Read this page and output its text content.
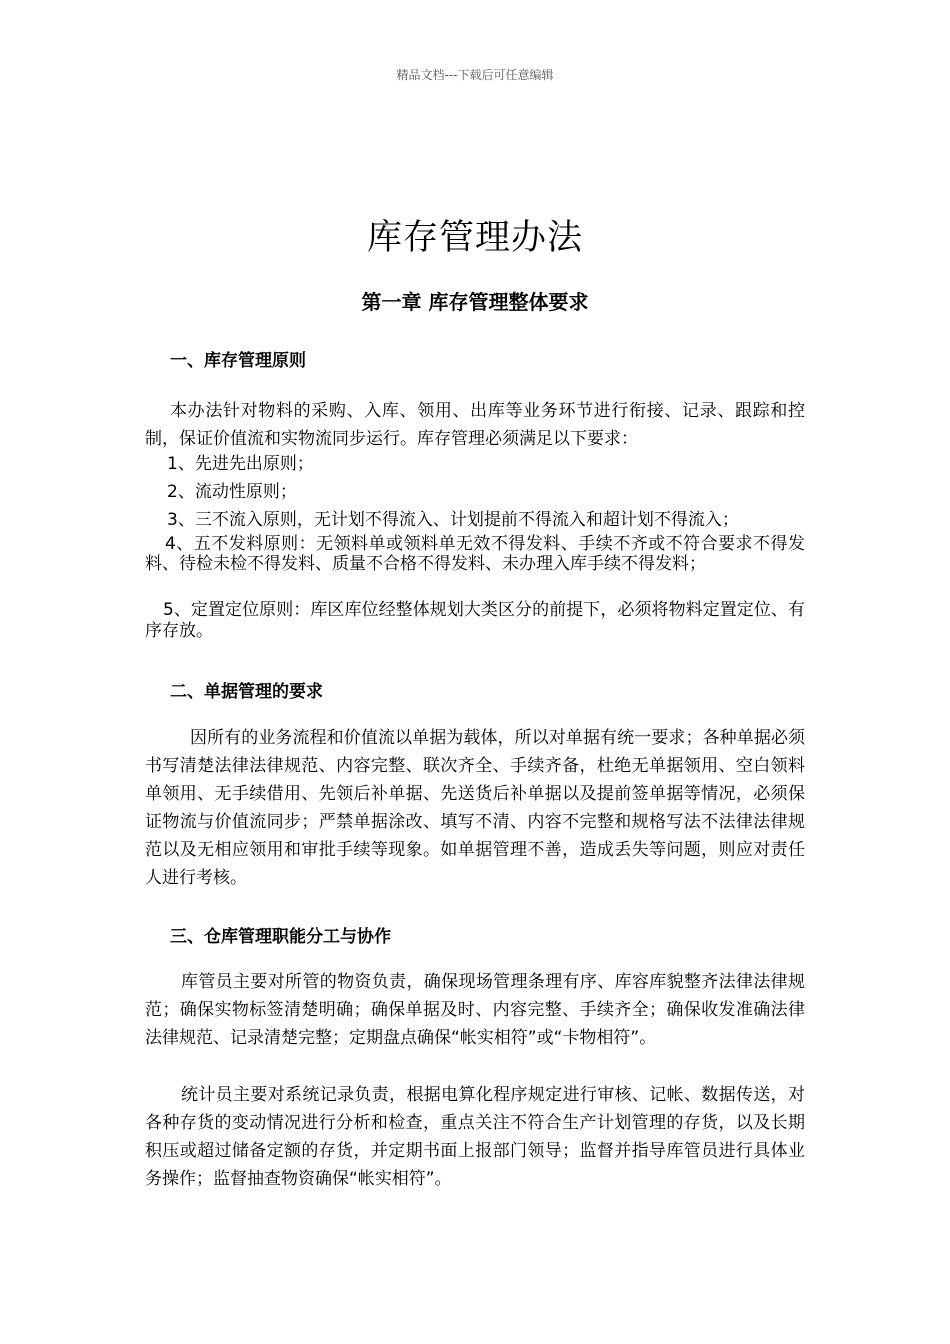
精品文档---下载后可任意编辑
库存管理办法
第一章 库存管理整体要求
一、库存管理原则
本办法针对物料的采购、入库、领用、出库等业务环节进行衔接、记录、跟踪和控制，保证价值流和实物流同步运行。库存管理必须满足以下要求：
1、先进先出原则；
2、流动性原则；
3、三不流入原则，无计划不得流入、计划提前不得流入和超计划不得流入；
4、五不发料原则：无领料单或领料单无效不得发料、手续不齐或不符合要求不得发料、待检未检不得发料、质量不合格不得发料、未办理入库手续不得发料；
5、定置定位原则：库区库位经整体规划大类区分的前提下，必须将物料定置定位、有序存放。
二、单据管理的要求
因所有的业务流程和价值流以单据为载体，所以对单据有统一要求；各种单据必须书写清楚法律法律规范、内容完整、联次齐全、手续齐备，杜绝无单据领用、空白领料单领用、无手续借用、先领后补单据、先送货后补单据以及提前签单据等情况，必须保证物流与价值流同步；严禁单据涂改、填写不清、内容不完整和规格写法不法律法律规范以及无相应领用和审批手续等现象。如单据管理不善，造成丢失等问题，则应对责任人进行考核。
三、仓库管理职能分工与协作
库管员主要对所管的物资负责，确保现场管理条理有序、库容库貌整齐法律法律规范；确保实物标签清楚明确；确保单据及时、内容完整、手续齐全；确保收发准确法律法律规范、记录清楚完整；定期盘点确保“帐实相符”或“卡物相符”。
统计员主要对系统记录负责，根据电算化程序规定进行审核、记帐、数据传送，对各种存货的变动情况进行分析和检查，重点关注不符合生产计划管理的存货，以及长期积压或超过储备定额的存货，并定期书面上报部门领导；监督并指导库管员进行具体业务操作；监督抽查物资确保“帐实相符”。
